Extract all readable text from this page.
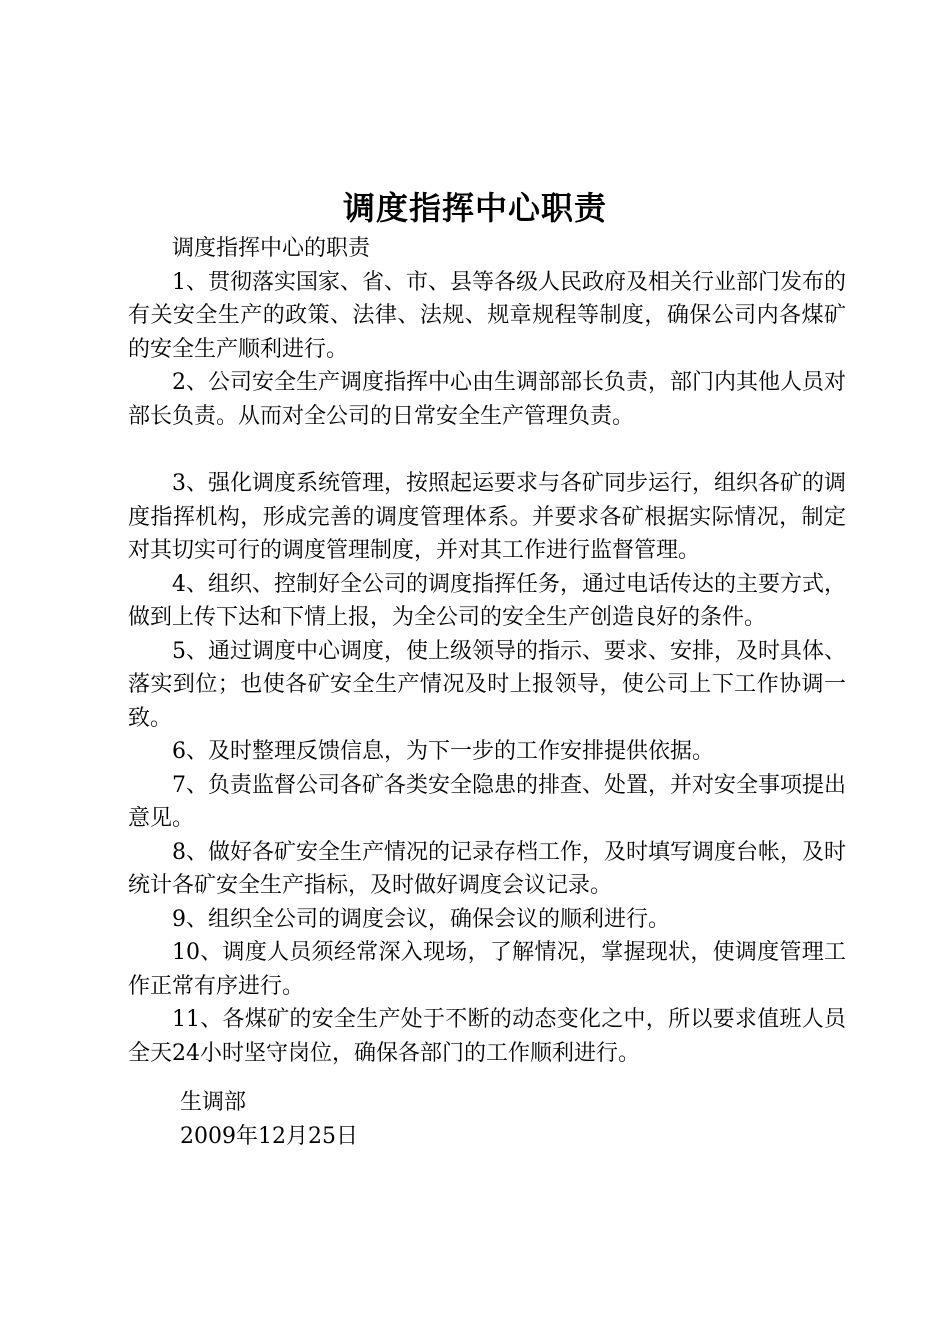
调度指挥中心职责

调度指挥中心的职责

1、贯彻落实国家、省、市、县等各级人民政府及相关行业部门发布的有关安全生产的政策、法律、法规、规章规程等制度，确保公司内各煤矿的安全生产顺利进行。

2、公司安全生产调度指挥中心由生调部部长负责，部门内其他人员对部长负责。从而对全公司的日常安全生产管理负责。

3、强化调度系统管理，按照起运要求与各矿同步运行，组织各矿的调度指挥机构，形成完善的调度管理体系。并要求各矿根据实际情况，制定对其切实可行的调度管理制度，并对其工作进行监督管理。

4、组织、控制好全公司的调度指挥任务，通过电话传达的主要方式，做到上传下达和下情上报，为全公司的安全生产创造良好的条件。

5、通过调度中心调度，使上级领导的指示、要求、安排，及时具体、落实到位；也使各矿安全生产情况及时上报领导，使公司上下工作协调一致。

6、及时整理反馈信息，为下一步的工作安排提供依据。

7、负责监督公司各矿各类安全隐患的排查、处置，并对安全事项提出意见。

8、做好各矿安全生产情况的记录存档工作，及时填写调度台帐，及时统计各矿安全生产指标，及时做好调度会议记录。

9、组织全公司的调度会议，确保会议的顺利进行。

10、调度人员须经常深入现场，了解情况，掌握现状，使调度管理工作正常有序进行。

11、各煤矿的安全生产处于不断的动态变化之中，所以要求值班人员全天24小时坚守岗位，确保各部门的工作顺利进行。

生调部
2009年12月25日
